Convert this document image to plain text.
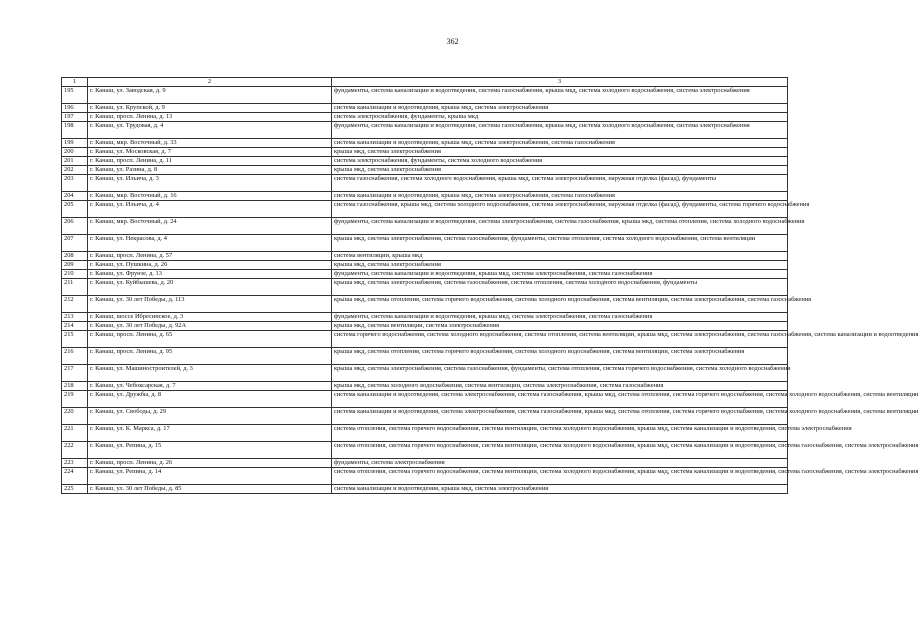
362
1	2	3
195	г. Канаш, ул. Заводская, д. 9	фундаменты, система канализации и водоотведения, система газоснабжения, крыша мкд, система холодного водоснабжения, система электроснабжения
196	г. Канаш, ул. Крупской, д. 9	система канализации и водоотведения, крыша мкд, система электроснабжения
197	г. Канаш, просп. Ленина, д. 13	система электроснабжения, фундаменты, крыша мкд
198	г. Канаш, ул. Трудовая, д. 4	фундаменты, система канализации и водоотведения, система газоснабжения, крыша мкд, система холодного водоснабжения, система электроснабжения
199	г. Канаш, мкр. Восточный, д. 33	система канализации и водоотведения, крыша мкд, система электроснабжения, система газоснабжения
200	г. Канаш, ул. Московская, д. 7	крыша мкд, система электроснабжения
201	г. Канаш, просп. Ленина, д. 11	система электроснабжения, фундаменты, система холодного водоснабжения
202	г. Канаш, ул. Разина, д. 8	крыша мкд, система электроснабжения
203	г. Канаш, ул. Ильича, д. 3	система газоснабжения, система холодного водоснабжения, крыша мкд, система электроснабжения, наружная отделка (фасад), фундаменты
204	г. Канаш, мкр. Восточный, д. 16	система канализации и водоотведения, крыша мкд, система электроснабжения, система газоснабжения
205	г. Канаш, ул. Ильича, д. 4	система газоснабжения, крыша мкд, система холодного водоснабжения, система электроснабжения, наружная отделка (фасад), фундаменты, система горячего водоснабжения
206	г. Канаш, мкр. Восточный, д. 24	фундаменты, система канализации и водоотведения, система электроснабжения, система газоснабжения, крыша мкд, система отопления, система холодного водоснабжения
207	г. Канаш, ул. Некрасова, д. 4	крыша мкд, система электроснабжения, система газоснабжения, фундаменты, система отопления, система холодного водоснабжения, система вентиляции
208	г. Канаш, просп. Ленина, д. 57	система вентиляции, крыша мкд
209	г. Канаш, ул. Пушкина, д. 26	крыша мкд, система электроснабжения
210	г. Канаш, ул. Фрунзе, д. 13	фундаменты, система канализации и водоотведения, крыша мкд, система электроснабжения, система газоснабжения
211	г. Канаш, ул. Куйбышева, д. 20	крыша мкд, система электроснабжения, система газоснабжения, система отопления, система холодного водоснабжения, фундаменты
212	г. Канаш, ул. 30 лет Победы, д. 113	крыша мкд, система отопления, система горячего водоснабжения, система холодного водоснабжения, система вентиляции, система электроснабжения, система газоснабжения
213	г. Канаш, шоссе Ибресинское, д. 3	фундаменты, система канализации и водоотведения, крыша мкд, система электроснабжения, система газоснабжения
214	г. Канаш, ул. 30 лет Победы, д. 92А	крыша мкд, система вентиляции, система электроснабжения
215	г. Канаш, просп. Ленина, д. 65	система горячего водоснабжения, система холодного водоснабжения, система отопления, система вентиляции, крыша мкд, система электроснабжения, система газоснабжения, система канализации и водоотведения
216	г. Канаш, просп. Ленина, д. 95	крыша мкд, система отопления, система горячего водоснабжения, система холодного водоснабжения, система вентиляции, система электроснабжения
217	г. Канаш, ул. Машиностроителей, д. 3	крыша мкд, система электроснабжения, система газоснабжения, фундаменты, система отопления, система горячего водоснабжения, система холодного водоснабжения
218	г. Канаш, ул. Чебоксарская, д. 7	крыша мкд, система холодного водоснабжения, система вентиляции, система электроснабжения, система газоснабжения
219	г. Канаш, ул. Дружбы, д. 8	система канализации и водоотведения, система электроснабжения, система газоснабжения, крыша мкд, система отопления, система горячего водоснабжения, система холодного водоснабжения, система вентиляции
220	г. Канаш, ул. Свободы, д. 29	система канализации и водоотведения, система электроснабжения, система газоснабжения, крыша мкд, система отопления, система горячего водоснабжения, система холодного водоснабжения, система вентиляции
221	г. Канаш, ул. К. Маркса, д. 17	система отопления, система горячего водоснабжения, система вентиляции, система холодного водоснабжения, крыша мкд, система канализации и водоотведения, система электроснабжения
222	г. Канаш, ул. Репина, д. 15	система отопления, система горячего водоснабжения, система вентиляции, система холодного водоснабжения, крыша мкд, система канализации и водоотведения, система газоснабжения, система электроснабжения
223	г. Канаш, просп. Ленина, д. 26	фундаменты, система электроснабжения
224	г. Канаш, ул. Репина, д. 14	система отопления, система горячего водоснабжения, система вентиляции, система холодного водоснабжения, крыша мкд, система канализации и водоотведения, система газоснабжения, система электроснабжения
225	г. Канаш, ул. 30 лет Победы, д. 85	система канализации и водоотведения, крыша мкд, система электроснабжения
